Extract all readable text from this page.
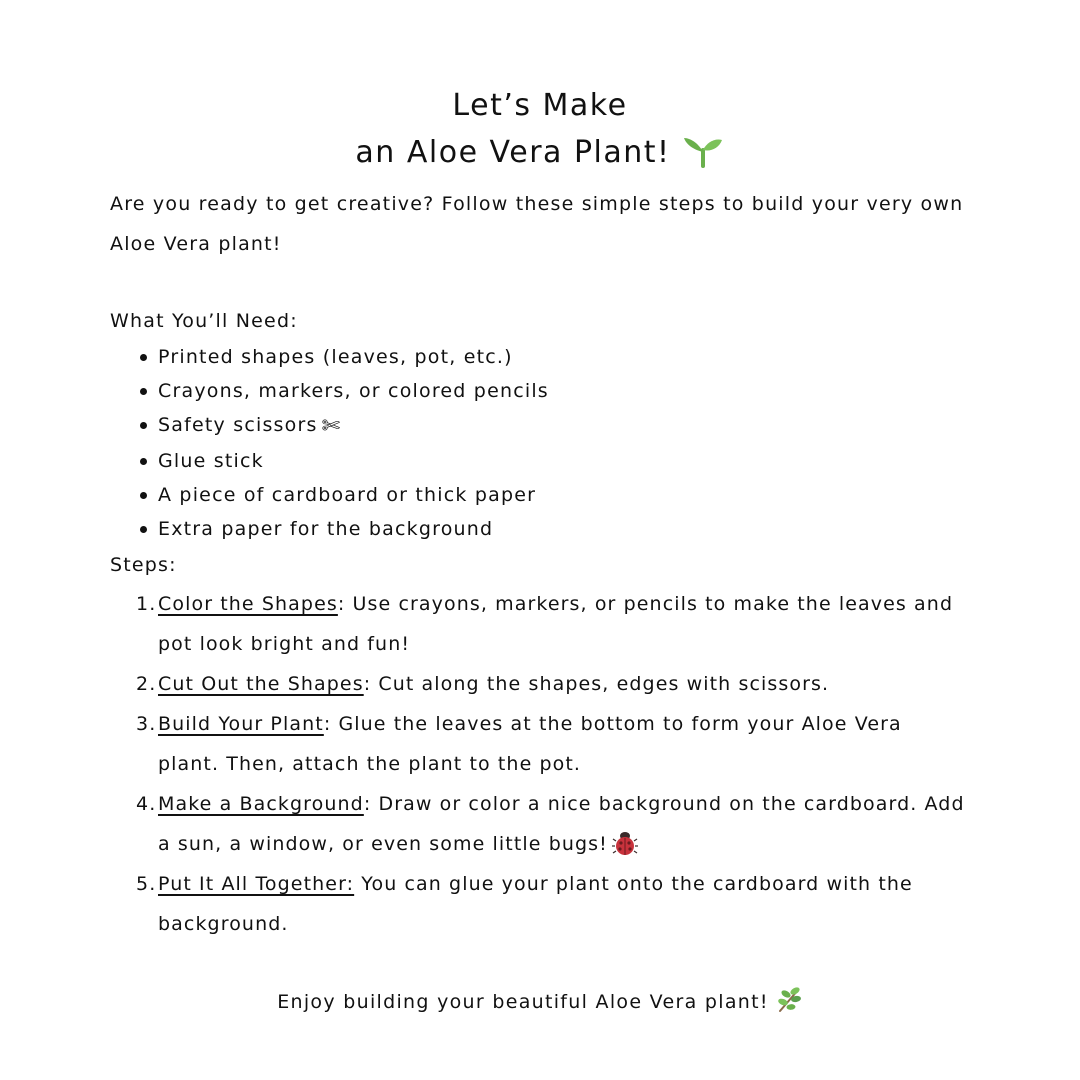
Let’s Make
an Aloe Vera Plant!

Are you ready to get creative? Follow these simple steps to build your very own Aloe Vera plant!

What You’ll Need:
Printed shapes (leaves, pot, etc.)
Crayons, markers, or colored pencils
Safety scissors ✄
Glue stick
A piece of cardboard or thick paper
Extra paper for the background
Steps:
1. Color the Shapes: Use crayons, markers, or pencils to make the leaves and pot look bright and fun!
2. Cut Out the Shapes: Cut along the shapes, edges with scissors.
3. Build Your Plant: Glue the leaves at the bottom to form your Aloe Vera plant. Then, attach the plant to the pot.
4. Make a Background: Draw or color a nice background on the cardboard. Add a sun, a window, or even some little bugs!
5. Put It All Together: You can glue your plant onto the cardboard with the background.
Enjoy building your beautiful Aloe Vera plant!
